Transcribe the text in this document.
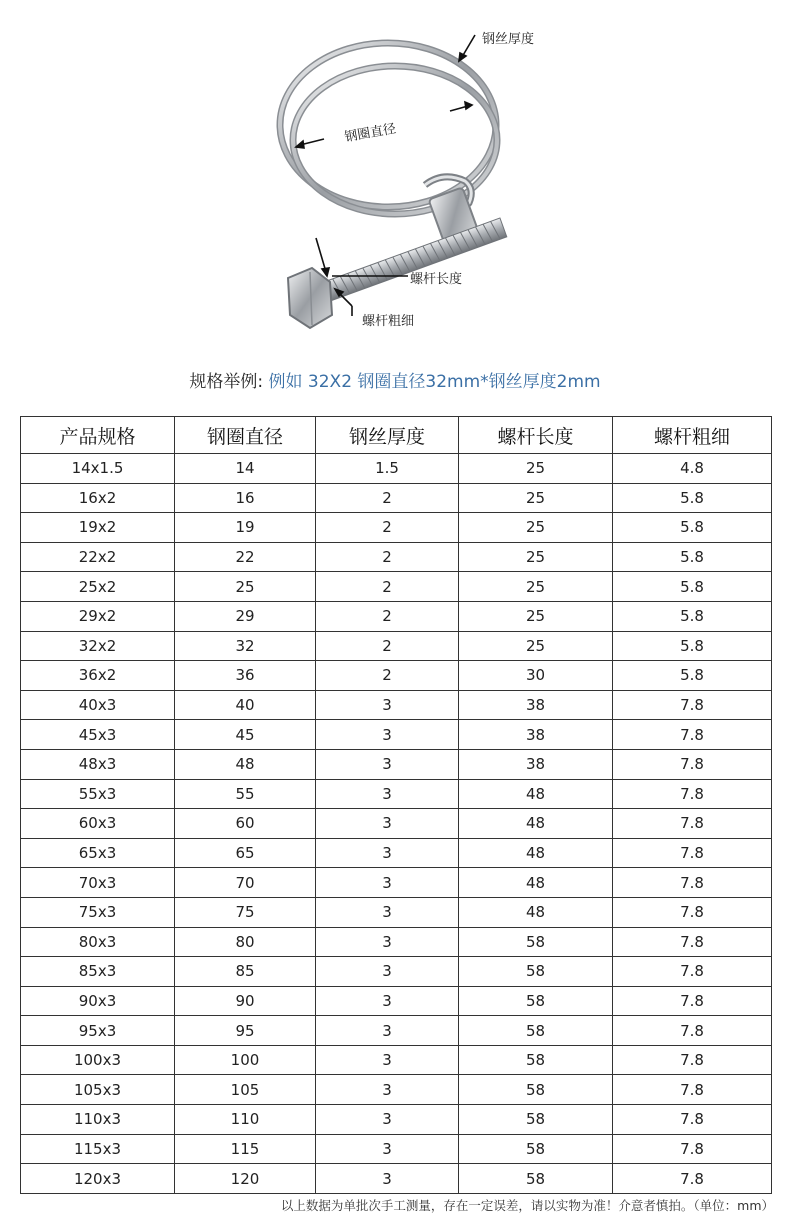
钢丝厚度
钢圈直径
螺杆长度
螺杆粗细
规格举例: 例如 32X2 钢圈直径32mm*钢丝厚度2mm
产品规格	钢圈直径	钢丝厚度	螺杆长度	螺杆粗细
14x1.5	14	1.5	25	4.8
16x2	16	2	25	5.8
19x2	19	2	25	5.8
22x2	22	2	25	5.8
25x2	25	2	25	5.8
29x2	29	2	25	5.8
32x2	32	2	25	5.8
36x2	36	2	30	5.8
40x3	40	3	38	7.8
45x3	45	3	38	7.8
48x3	48	3	38	7.8
55x3	55	3	48	7.8
60x3	60	3	48	7.8
65x3	65	3	48	7.8
70x3	70	3	48	7.8
75x3	75	3	48	7.8
80x3	80	3	58	7.8
85x3	85	3	58	7.8
90x3	90	3	58	7.8
95x3	95	3	58	7.8
100x3	100	3	58	7.8
105x3	105	3	58	7.8
110x3	110	3	58	7.8
115x3	115	3	58	7.8
120x3	120	3	58	7.8
以上数据为单批次手工测量，存在一定误差，请以实物为准！介意者慎拍。（单位：mm）
